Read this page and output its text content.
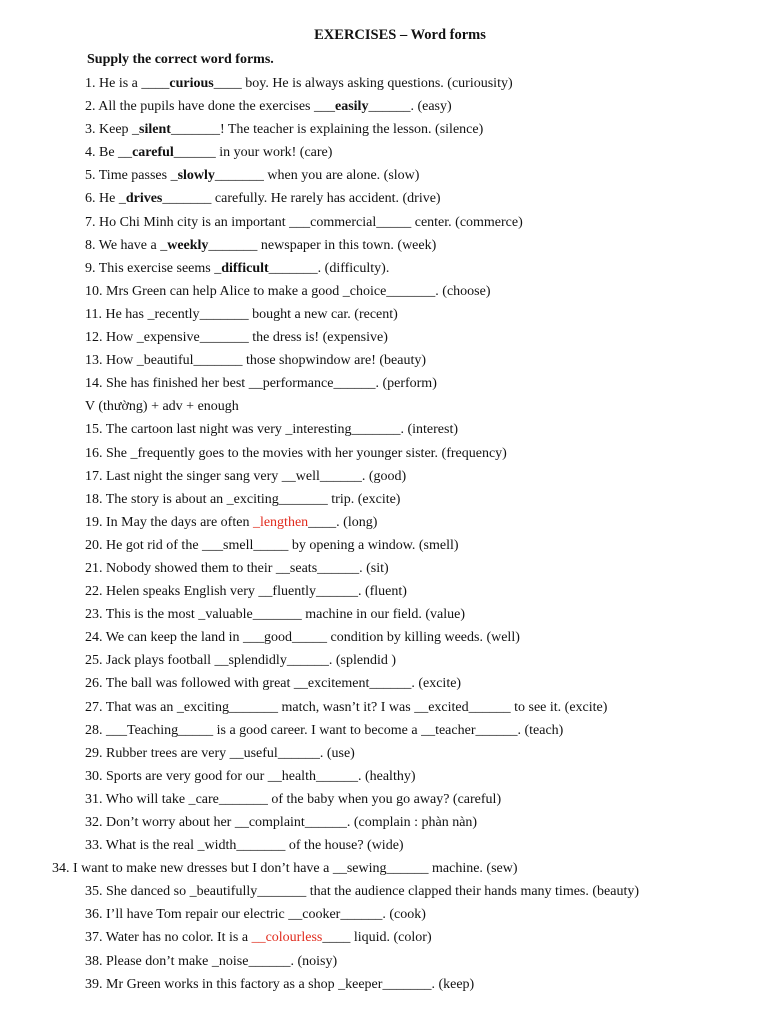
EXERCISES – Word forms
Supply the correct word forms.
1. He is a ____curious____ boy. He is always asking questions. (curiousity)
2. All the pupils have done the exercises ___easily______. (easy)
3. Keep _silent_______! The teacher is explaining the lesson. (silence)
4. Be __careful______ in your work! (care)
5. Time passes _slowly_______ when you are alone. (slow)
6. He _drives_______ carefully. He rarely has accident. (drive)
7. Ho Chi Minh city is an important ___commercial_____ center. (commerce)
8. We have a _weekly_______ newspaper in this town. (week)
9. This exercise seems _difficult_______. (difficulty).
10. Mrs Green can help Alice to make a good _choice_______. (choose)
11. He has _recently_______ bought a new car. (recent)
12. How _expensive_______ the dress is! (expensive)
13. How _beautiful_______ those shopwindow are! (beauty)
14. She has finished her best __performance______. (perform)
V (thường) + adv + enough
15. The cartoon last night was very _interesting_______. (interest)
16. She _frequently goes to the movies with her younger sister. (frequency)
17. Last night the singer sang very __well______. (good)
18. The story is about an _exciting_______ trip. (excite)
19. In May the days are often _lengthen____. (long)
20. He got rid of the ___smell_____ by opening a window. (smell)
21. Nobody showed them to their __seats______. (sit)
22. Helen speaks English very __fluently______. (fluent)
23. This is the most _valuable_______ machine in our field. (value)
24. We can keep the land in ___good_____ condition by killing weeds. (well)
25. Jack plays football __splendidly______. (splendid )
26. The ball was followed with great __excitement______. (excite)
27. That was an _exciting_______ match, wasn’t it? I was __excited______ to see it. (excite)
28. ___Teaching_____ is a good career. I want to become a __teacher______. (teach)
29. Rubber trees are very __useful______. (use)
30. Sports are very good for our __health______. (healthy)
31. Who will take _care_______ of the baby when you go away? (careful)
32. Don’t worry about her __complaint______. (complain : phàn nàn)
33. What is the real _width_______ of the house? (wide)
34. I want to make new dresses but I don’t have a __sewing______ machine. (sew)
35. She danced so _beautifully_______ that the audience clapped their hands many times. (beauty)
36. I’ll have Tom repair our electric __cooker______. (cook)
37. Water has no color. It is a __colourless____ liquid. (color)
38. Please don’t make _noise______. (noisy)
39. Mr Green works in this factory as a shop _keeper_______. (keep)
